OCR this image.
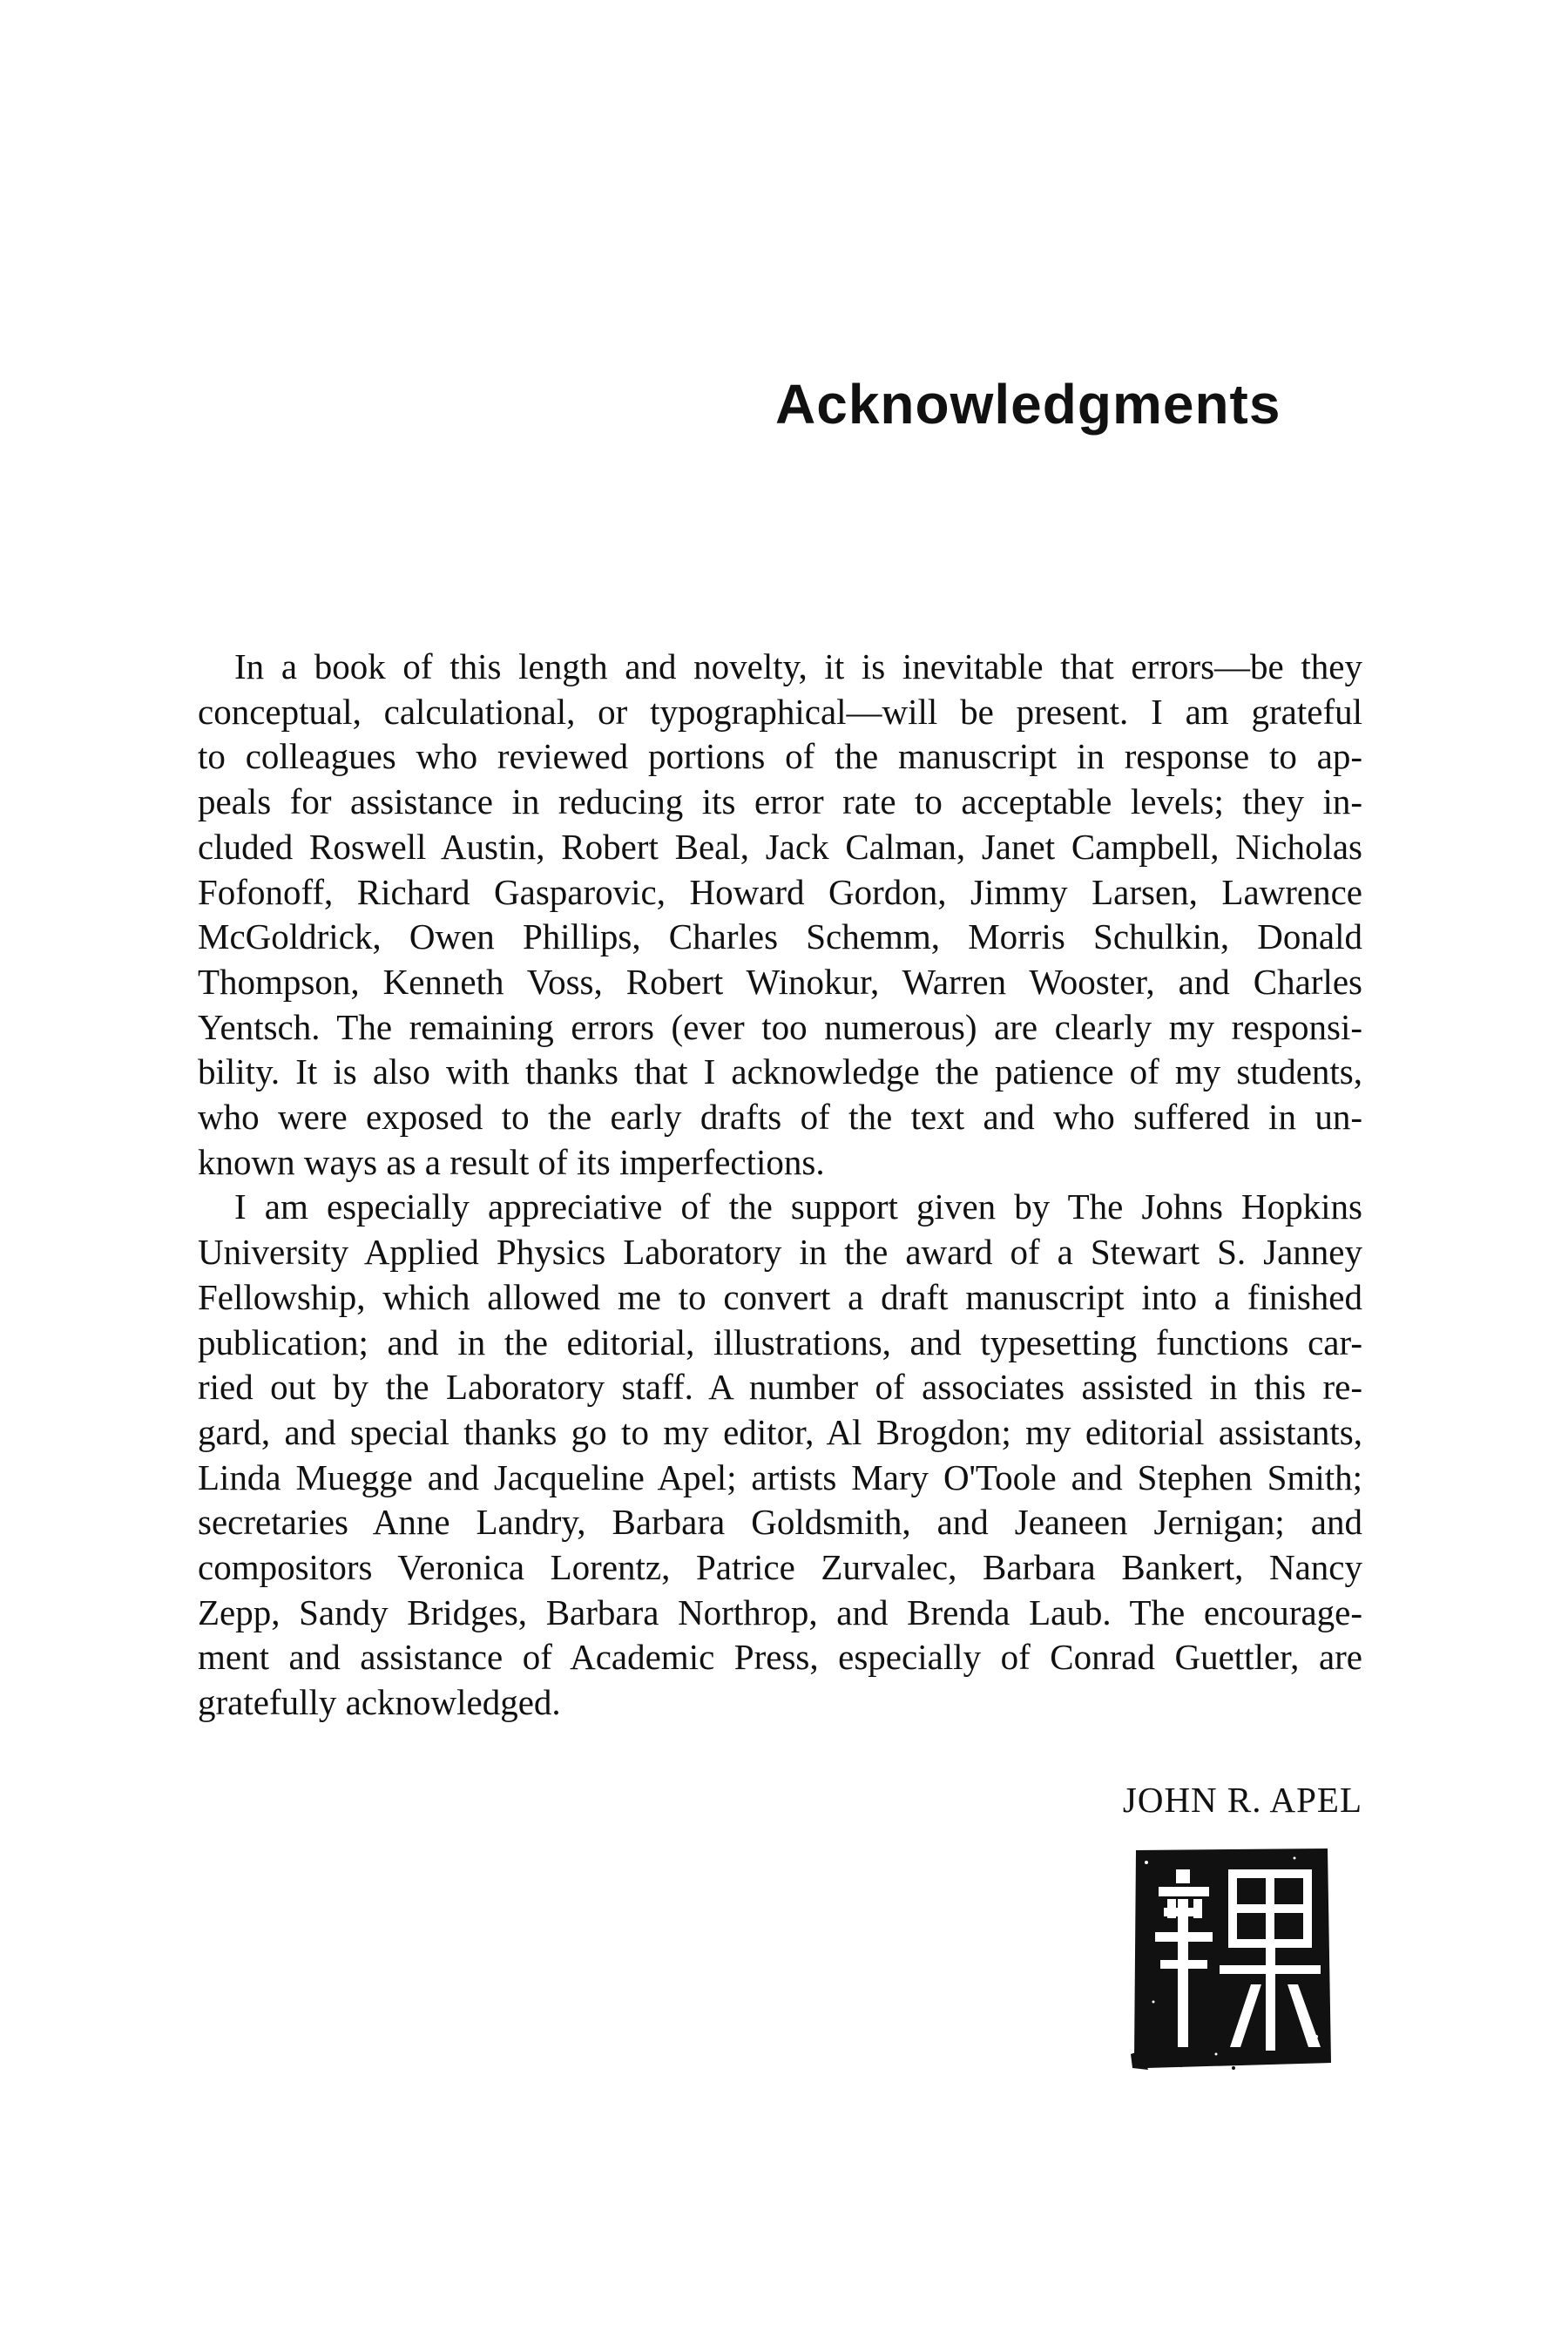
Acknowledgments
In a book of this length and novelty, it is inevitable that errors—be they
conceptual, calculational, or typographical—will be present. I am grateful
to colleagues who reviewed portions of the manuscript in response to ap-
peals for assistance in reducing its error rate to acceptable levels; they in-
cluded Roswell Austin, Robert Beal, Jack Calman, Janet Campbell, Nicholas
Fofonoff, Richard Gasparovic, Howard Gordon, Jimmy Larsen, Lawrence
McGoldrick, Owen Phillips, Charles Schemm, Morris Schulkin, Donald
Thompson, Kenneth Voss, Robert Winokur, Warren Wooster, and Charles
Yentsch. The remaining errors (ever too numerous) are clearly my responsi-
bility. It is also with thanks that I acknowledge the patience of my students,
who were exposed to the early drafts of the text and who suffered in un-
known ways as a result of its imperfections.
I am especially appreciative of the support given by The Johns Hopkins
University Applied Physics Laboratory in the award of a Stewart S. Janney
Fellowship, which allowed me to convert a draft manuscript into a finished
publication; and in the editorial, illustrations, and typesetting functions car-
ried out by the Laboratory staff. A number of associates assisted in this re-
gard, and special thanks go to my editor, Al Brogdon; my editorial assistants,
Linda Muegge and Jacqueline Apel; artists Mary O'Toole and Stephen Smith;
secretaries Anne Landry, Barbara Goldsmith, and Jeaneen Jernigan; and
compositors Veronica Lorentz, Patrice Zurvalec, Barbara Bankert, Nancy
Zepp, Sandy Bridges, Barbara Northrop, and Brenda Laub. The encourage-
ment and assistance of Academic Press, especially of Conrad Guettler, are
gratefully acknowledged.
JOHN R. APEL
